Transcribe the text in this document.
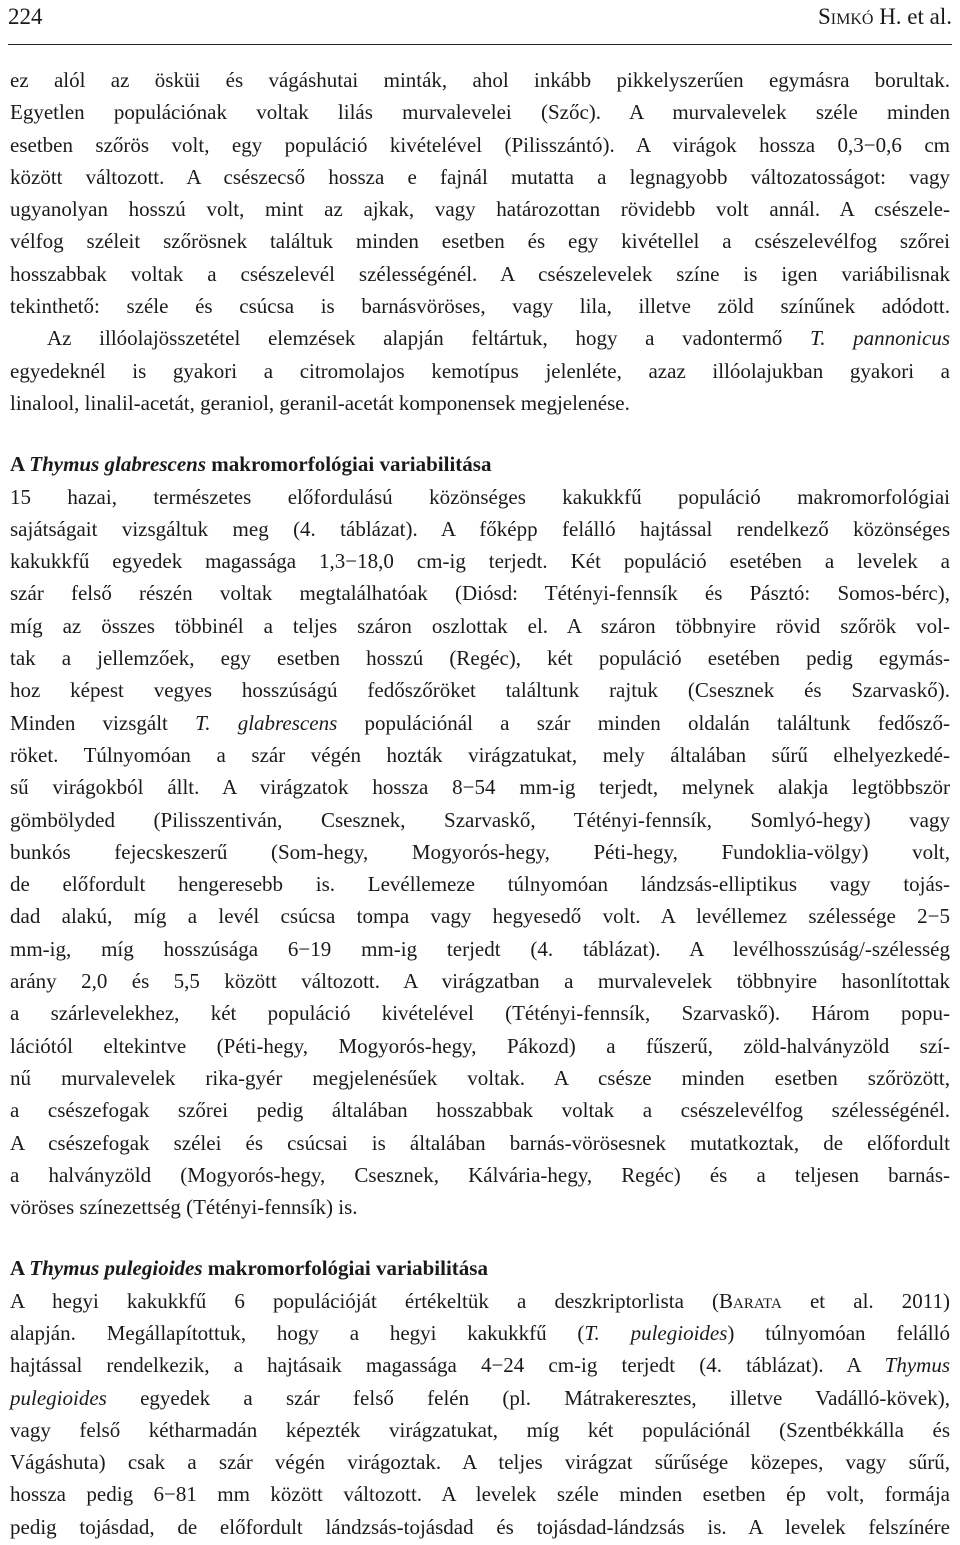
224	Simkó H. et al.
ez alól az ösküi és vágáshutai minták, ahol inkább pikkelyszerűen egymásra borultak.
Egyetlen populációnak voltak lilás murvalevelei (Szőc). A murvalevelek széle minden
esetben szőrös volt, egy populáció kivételével (Pilisszántó). A virágok hossza 0,3−0,6 cm
között változott. A csészecső hossza e fajnál mutatta a legnagyobb változatosságot: vagy
ugyanolyan hosszú volt, mint az ajkak, vagy határozottan rövidebb volt annál. A csészele-
vélfog széleit szőrösnek találtuk minden esetben és egy kivétellel a csészelevélfog szőrei
hosszabbak voltak a csészelevél szélességénél. A csészelevelek színe is igen variábilisnak
tekinthető: széle és csúcsa is barnásvöröses, vagy lila, illetve zöld színűnek adódott.
Az illóolajösszetétel elemzések alapján feltártuk, hogy a vadontermő T. pannonicus
egyedeknél is gyakori a citromolajos kemotípus jelenléte, azaz illóolajukban gyakori a
linalool, linalil-acetát, geraniol, geranil-acetát komponensek megjelenése.
A Thymus glabrescens makromorfológiai variabilitása
15 hazai, természetes előfordulású közönséges kakukkfű populáció makromorfológiai
sajátságait vizsgáltuk meg (4. táblázat). A főképp felálló hajtással rendelkező közönséges
kakukkfű egyedek magassága 1,3−18,0 cm-ig terjedt. Két populáció esetében a levelek a
szár felső részén voltak megtalálhatóak (Diósd: Tétényi-fennsík és Pásztó: Somos-bérc),
míg az összes többinél a teljes száron oszlottak el. A száron többnyire rövid szőrök vol-
tak a jellemzőek, egy esetben hosszú (Regéc), két populáció esetében pedig egymás-
hoz képest vegyes hosszúságú fedőszőröket találtunk rajtuk (Csesznek és Szarvaskő).
Minden vizsgált T. glabrescens populációnál a szár minden oldalán találtunk fedősző-
röket. Túlnyomóan a szár végén hozták virágzatukat, mely általában sűrű elhelyezkedé-
sű virágokból állt. A virágzatok hossza 8−54 mm-ig terjedt, melynek alakja legtöbbször
gömbölyded (Pilisszentiván, Csesznek, Szarvaskő, Tétényi-fennsík, Somlyó-hegy) vagy
bunkós fejecskeszerű (Som-hegy, Mogyorós-hegy, Péti-hegy, Fundoklia-völgy) volt,
de előfordult hengeresebb is. Levéllemeze túlnyomóan lándzsás-elliptikus vagy tojás-
dad alakú, míg a levél csúcsa tompa vagy hegyesedő volt. A levéllemez szélessége 2−5
mm-ig, míg hosszúsága 6−19 mm-ig terjedt (4. táblázat). A levélhosszúság/-szélesség
arány 2,0 és 5,5 között változott. A virágzatban a murvalevelek többnyire hasonlítottak
a szárlevelekhez, két populáció kivételével (Tétényi-fennsík, Szarvaskő). Három popu-
lációtól eltekintve (Péti-hegy, Mogyorós-hegy, Pákozd) a fűszerű, zöld-halványzöld szí-
nű murvalevelek rika-gyér megjelenésűek voltak. A csésze minden esetben szőrözött,
a csészefogak szőrei pedig általában hosszabbak voltak a csészelevélfog szélességénél.
A csészefogak szélei és csúcsai is általában barnás-vörösesnek mutatkoztak, de előfordult
a halványzöld (Mogyorós-hegy, Csesznek, Kálvária-hegy, Regéc) és a teljesen barnás-
vöröses színezettség (Tétényi-fennsík) is.
A Thymus pulegioides makromorfológiai variabilitása
A hegyi kakukkfű 6 populációját értékeltük a deszkriptorlista (Barata et al. 2011)
alapján. Megállapítottuk, hogy a hegyi kakukkfű (T. pulegioides) túlnyomóan felálló
hajtással rendelkezik, a hajtásaik magassága 4−24 cm-ig terjedt (4. táblázat). A Thymus
pulegioides egyedek a szár felső felén (pl. Mátrakeresztes, illetve Vadálló-kövek),
vagy felső kétharmadán képezték virágzatukat, míg két populációnál (Szentbékkálla és
Vágáshuta) csak a szár végén virágoztak. A teljes virágzat sűrűsége közepes, vagy sűrű,
hossza pedig 6−81 mm között változott. A levelek széle minden esetben ép volt, formája
pedig tojásdad, de előfordult lándzsás-tojásdad és tojásdad-lándzsás is. A levelek felszínére
